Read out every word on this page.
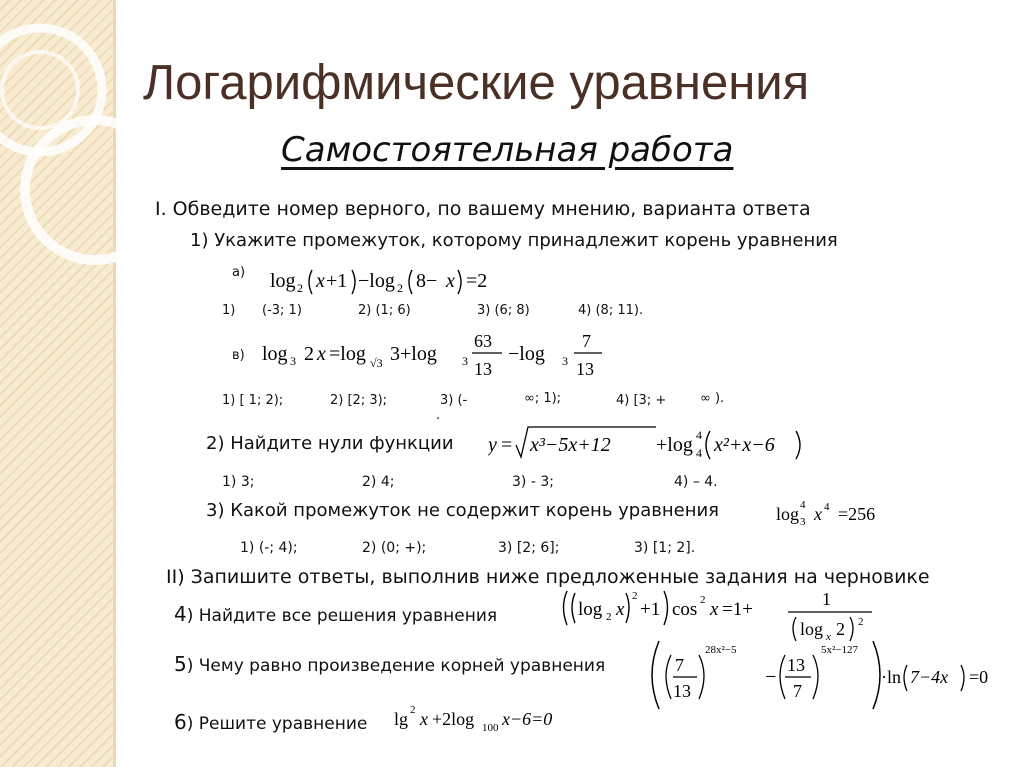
Логарифмические уравнения
Самостоятельная работа
I. Обведите номер верного, по вашему мнению, варианта ответа
1) Укажите промежуток, которому принадлежит корень уравнения
а) log 2 x +1 −log 2 8− x =2
1) (-3; 1)	2) (1; 6)	3) (6; 8)	4) (8; 11).
в) log 3 2 x =log √3 3+log 3
63
13
−log 3
7
13
1) [ 1; 2);	2) [2; 3);	3) (-	∞; 1);	4) [3; +	∞ ).
.
2) Найдите нули функции y = x³−5x+12 +log 4
4 x²+x−6
1) 3;	2) 4;	3) - 3;	4) – 4.
3) Какой промежуток не содержит корень уравнения	log 3
4 x 4 =256
1) (-; 4);	2) (0; +);	3) [2; 6];	3) [1; 2].
II) Запишите ответы, выполнив ниже предложенные задания на черновике
4) Найдите все решения уравнения	log 2 x
2
+1 cos 2 x =1+	1
log x 2 2
5) Чему равно произведение корней уравнения	7
13
28x²−5
−
13
7
5x²−127
·ln 7−4x =0
6) Решите уравнение lg 2 x +2log 100 x−6=0
